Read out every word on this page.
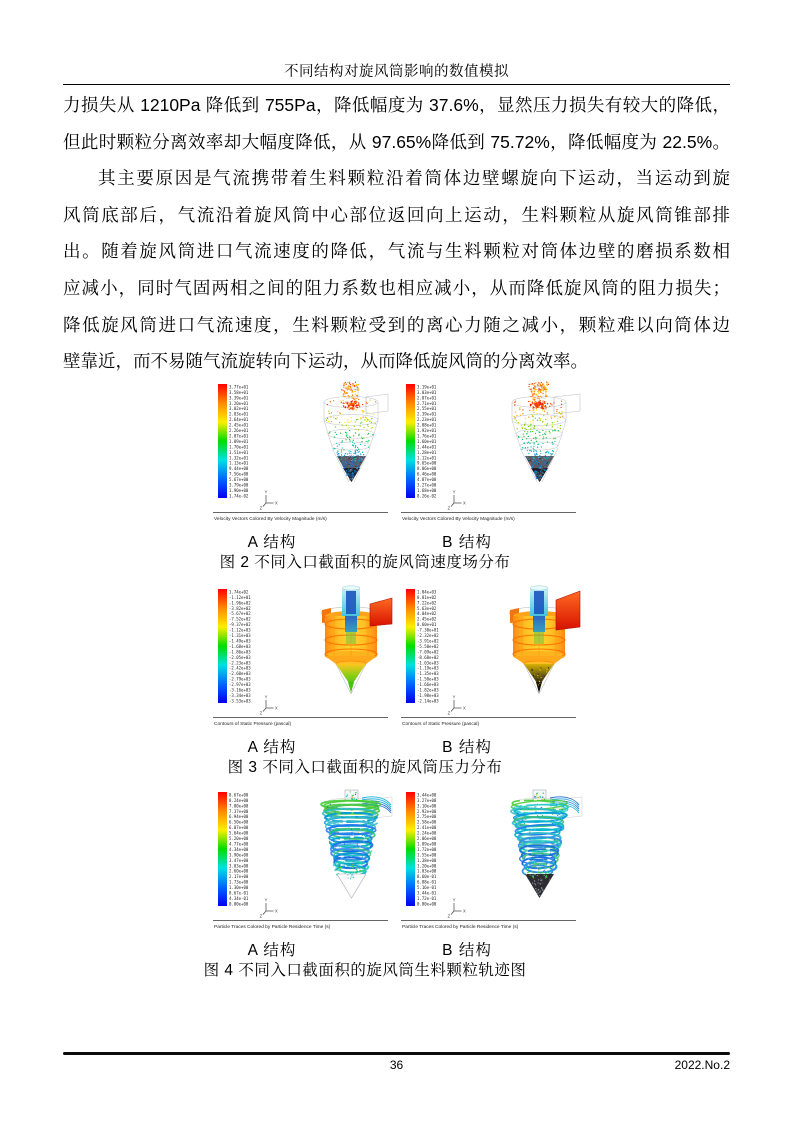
不同结构对旋风筒影响的数值模拟
力损失从 1210Pa 降低到 755Pa，降低幅度为 37.6%，显然压力损失有较大的降低，
但此时颗粒分离效率却大幅度降低，从 97.65%降低到 75.72%，降低幅度为 22.5%。
其主要原因是气流携带着生料颗粒沿着筒体边壁螺旋向下运动，当运动到旋
风筒底部后，气流沿着旋风筒中心部位返回向上运动，生料颗粒从旋风筒锥部排
出。随着旋风筒进口气流速度的降低，气流与生料颗粒对筒体边壁的磨损系数相
应减小，同时气固两相之间的阻力系数也相应减小，从而降低旋风筒的阻力损失；
降低旋风筒进口气流速度，生料颗粒受到的离心力随之减小，颗粒难以向筒体边
壁靠近，而不易随气流旋转向下运动，从而降低旋风筒的分离效率。
3.77e+01
3.58e+01
3.39e+01
3.20e+01
3.02e+01
2.83e+01
2.64e+01
2.45e+01
2.26e+01
2.07e+01
1.89e+01
1.70e+01
1.51e+01
1.32e+01
1.13e+01
9.44e+00
7.56e+00
5.67e+00
3.79e+00
1.90e+00
1.74e-02
Velocity Vectors Colored By Velocity Magnitude (m/s)
Y
X
Z
3.19e+01
3.03e+01
2.87e+01
2.71e+01
2.55e+01
2.39e+01
2.23e+01
2.08e+01
1.92e+01
1.76e+01
1.60e+01
1.44e+01
1.28e+01
1.12e+01
9.65e+00
8.06e+00
6.46e+00
4.87e+00
3.27e+00
1.68e+00
8.26e-02
Velocity Vectors Colored By Velocity Magnitude (m/s)
Y
X
Z
A 结构	B 结构
图 2 不同入口截面积的旋风筒速度场分布
1.74e+02
-1.12e+01
-1.96e+02
-3.82e+02
-5.67e+02
-7.52e+02
-9.37e+02
-1.12e+03
-1.31e+03
-1.49e+03
-1.68e+03
-1.86e+03
-2.05e+03
-2.23e+03
-2.42e+03
-2.60e+03
-2.79e+03
-2.97e+03
-3.16e+03
-3.34e+03
-3.53e+03
Contours of Static Pressure (pascal)
Y
X
Z
1.04e+03
8.81e+02
7.22e+02
5.63e+02
4.04e+02
2.45e+02
8.60e+01
-7.30e+01
-2.32e+02
-3.91e+02
-5.50e+02
-7.09e+02
-8.68e+02
-1.03e+03
-1.19e+03
-1.35e+03
-1.50e+03
-1.66e+03
-1.82e+03
-1.98e+03
-2.14e+03
Contours of Static Pressure (pascal)
Y
X
Z
A 结构	B 结构
图 3 不同入口截面积的旋风筒压力分布
8.67e+00
8.24e+00
7.80e+00
7.37e+00
6.94e+00
6.50e+00
6.07e+00
5.64e+00
5.20e+00
4.77e+00
4.34e+00
3.90e+00
3.47e+00
3.03e+00
2.60e+00
2.17e+00
1.73e+00
1.30e+00
8.67e-01
4.34e-01
0.00e+00
Particle Traces Colored by Particle Residence Time (s)
Y
X
Z
3.44e+00
3.27e+00
3.10e+00
2.92e+00
2.75e+00
2.58e+00
2.41e+00
2.24e+00
2.06e+00
1.89e+00
1.72e+00
1.55e+00
1.38e+00
1.20e+00
1.03e+00
8.60e-01
6.88e-01
5.16e-01
3.44e-01
1.72e-01
0.00e+00
Particle Traces Colored by Particle Residence Time (s)
Y
X
Z
A 结构	B 结构
图 4 不同入口截面积的旋风筒生料颗粒轨迹图
36	2022.No.2
